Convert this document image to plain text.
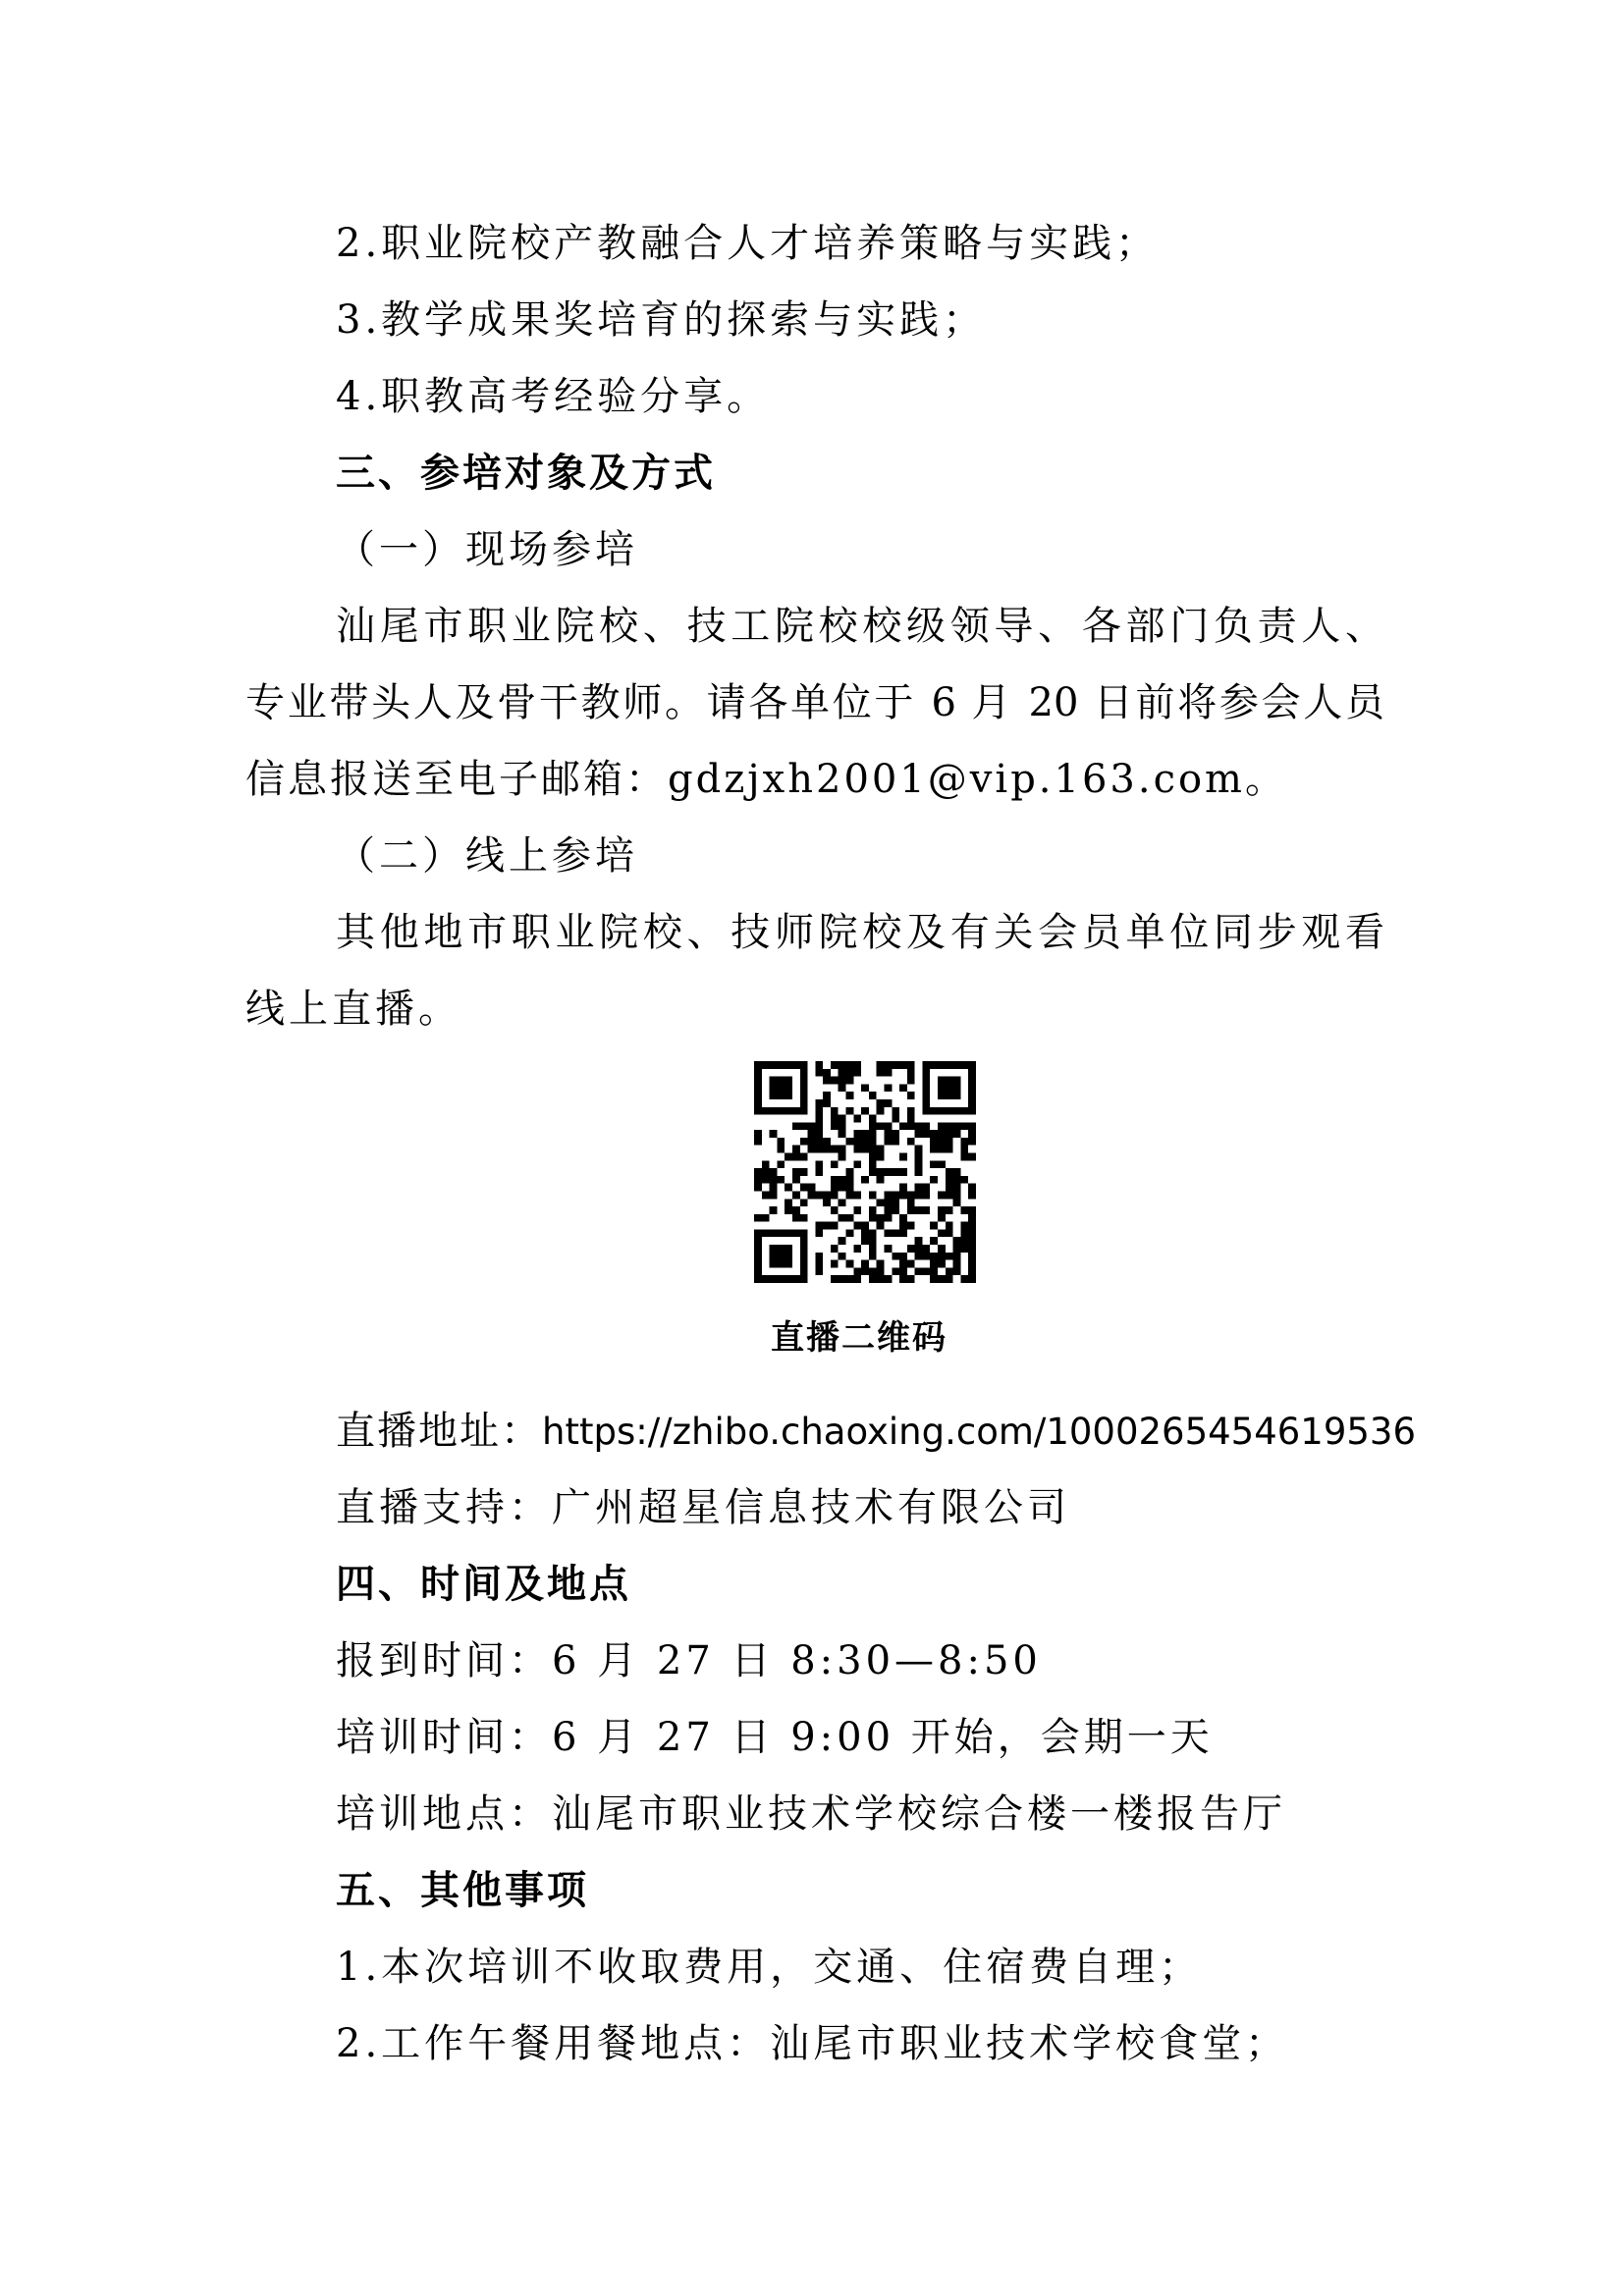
2.职业院校产教融合人才培养策略与实践；
3.教学成果奖培育的探索与实践；
4.职教高考经验分享。
三、参培对象及方式
（一）现场参培
汕尾市职业院校、技工院校校级领导、各部门负责人、
专业带头人及骨干教师。请各单位于 6 月 20 日前将参会人员
信息报送至电子邮箱：gdzjxh2001@vip.163.com。
（二）线上参培
其他地市职业院校、技师院校及有关会员单位同步观看
线上直播。
直播二维码
直播地址：https://zhibo.chaoxing.com/1000265454619536
直播支持：广州超星信息技术有限公司
四、时间及地点
报到时间：6 月 27 日 8:30—8:50
培训时间：6 月 27 日 9:00 开始，会期一天
培训地点：汕尾市职业技术学校综合楼一楼报告厅
五、其他事项
1.本次培训不收取费用，交通、住宿费自理；
2.工作午餐用餐地点：汕尾市职业技术学校食堂；
